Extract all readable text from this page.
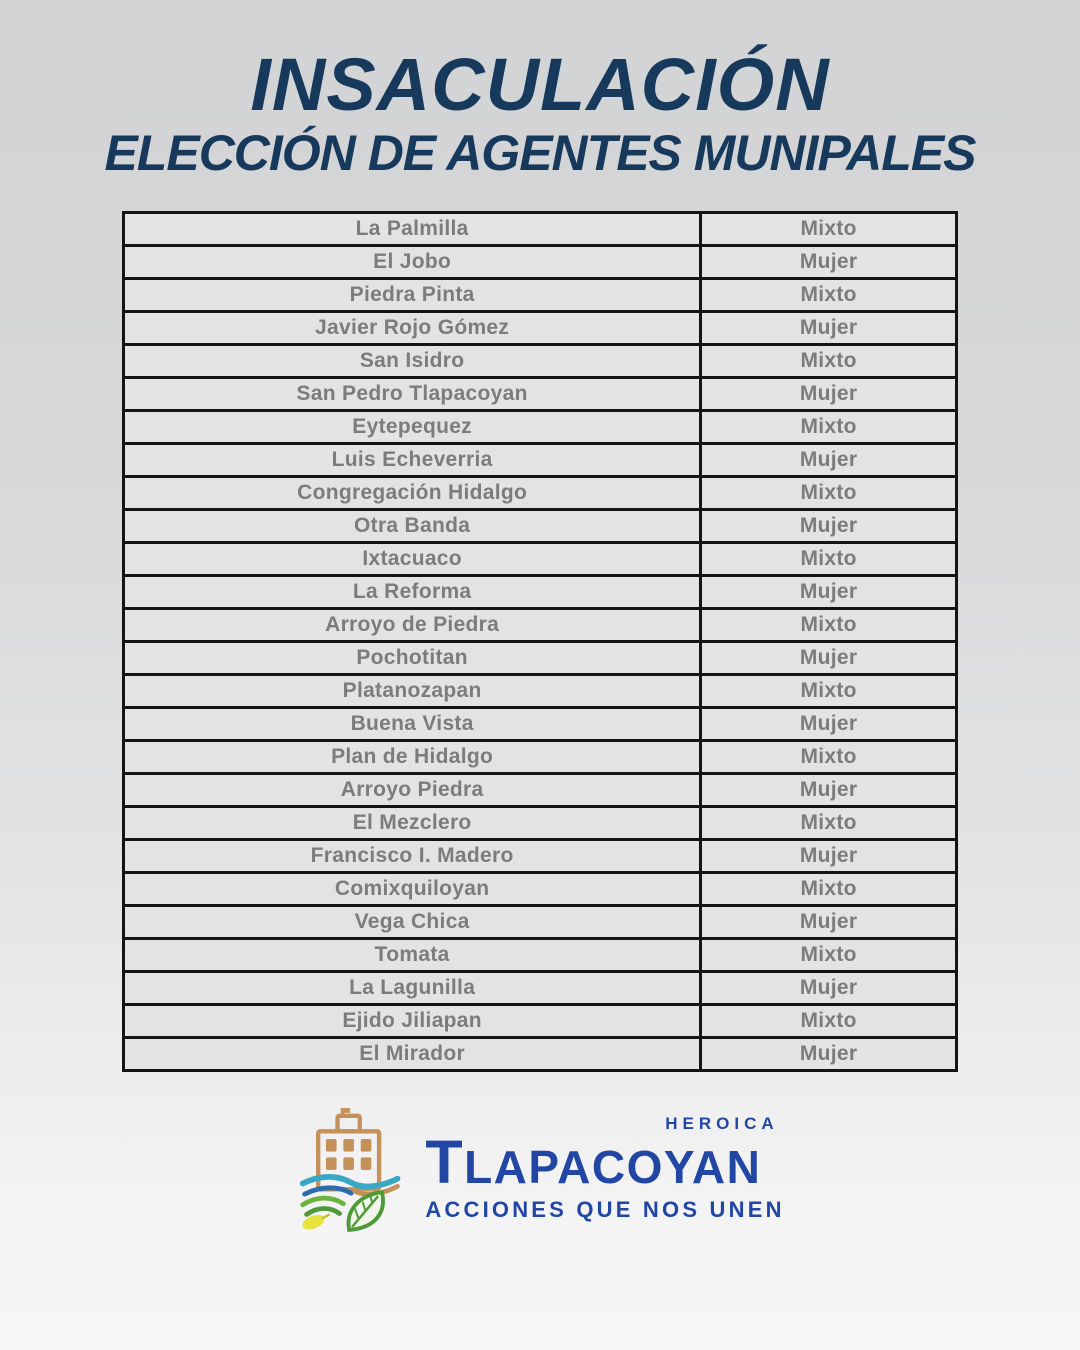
INSACULACIÓN
ELECCIÓN DE AGENTES MUNIPALES
La Palmilla	Mixto
El Jobo	Mujer
Piedra Pinta	Mixto
Javier Rojo Gómez	Mujer
San Isidro	Mixto
San Pedro Tlapacoyan	Mujer
Eytepequez	Mixto
Luis Echeverria	Mujer
Congregación Hidalgo	Mixto
Otra Banda	Mujer
Ixtacuaco	Mixto
La Reforma	Mujer
Arroyo de Piedra	Mixto
Pochotitan	Mujer
Platanozapan	Mixto
Buena Vista	Mujer
Plan de Hidalgo	Mixto
Arroyo Piedra	Mujer
El Mezclero	Mixto
Francisco I. Madero	Mujer
Comixquiloyan	Mixto
Vega Chica	Mujer
Tomata	Mixto
La Lagunilla	Mujer
Ejido Jiliapan	Mixto
El Mirador	Mujer
HEROICA
TLAPACOYAN
ACCIONES QUE NOS UNEN
